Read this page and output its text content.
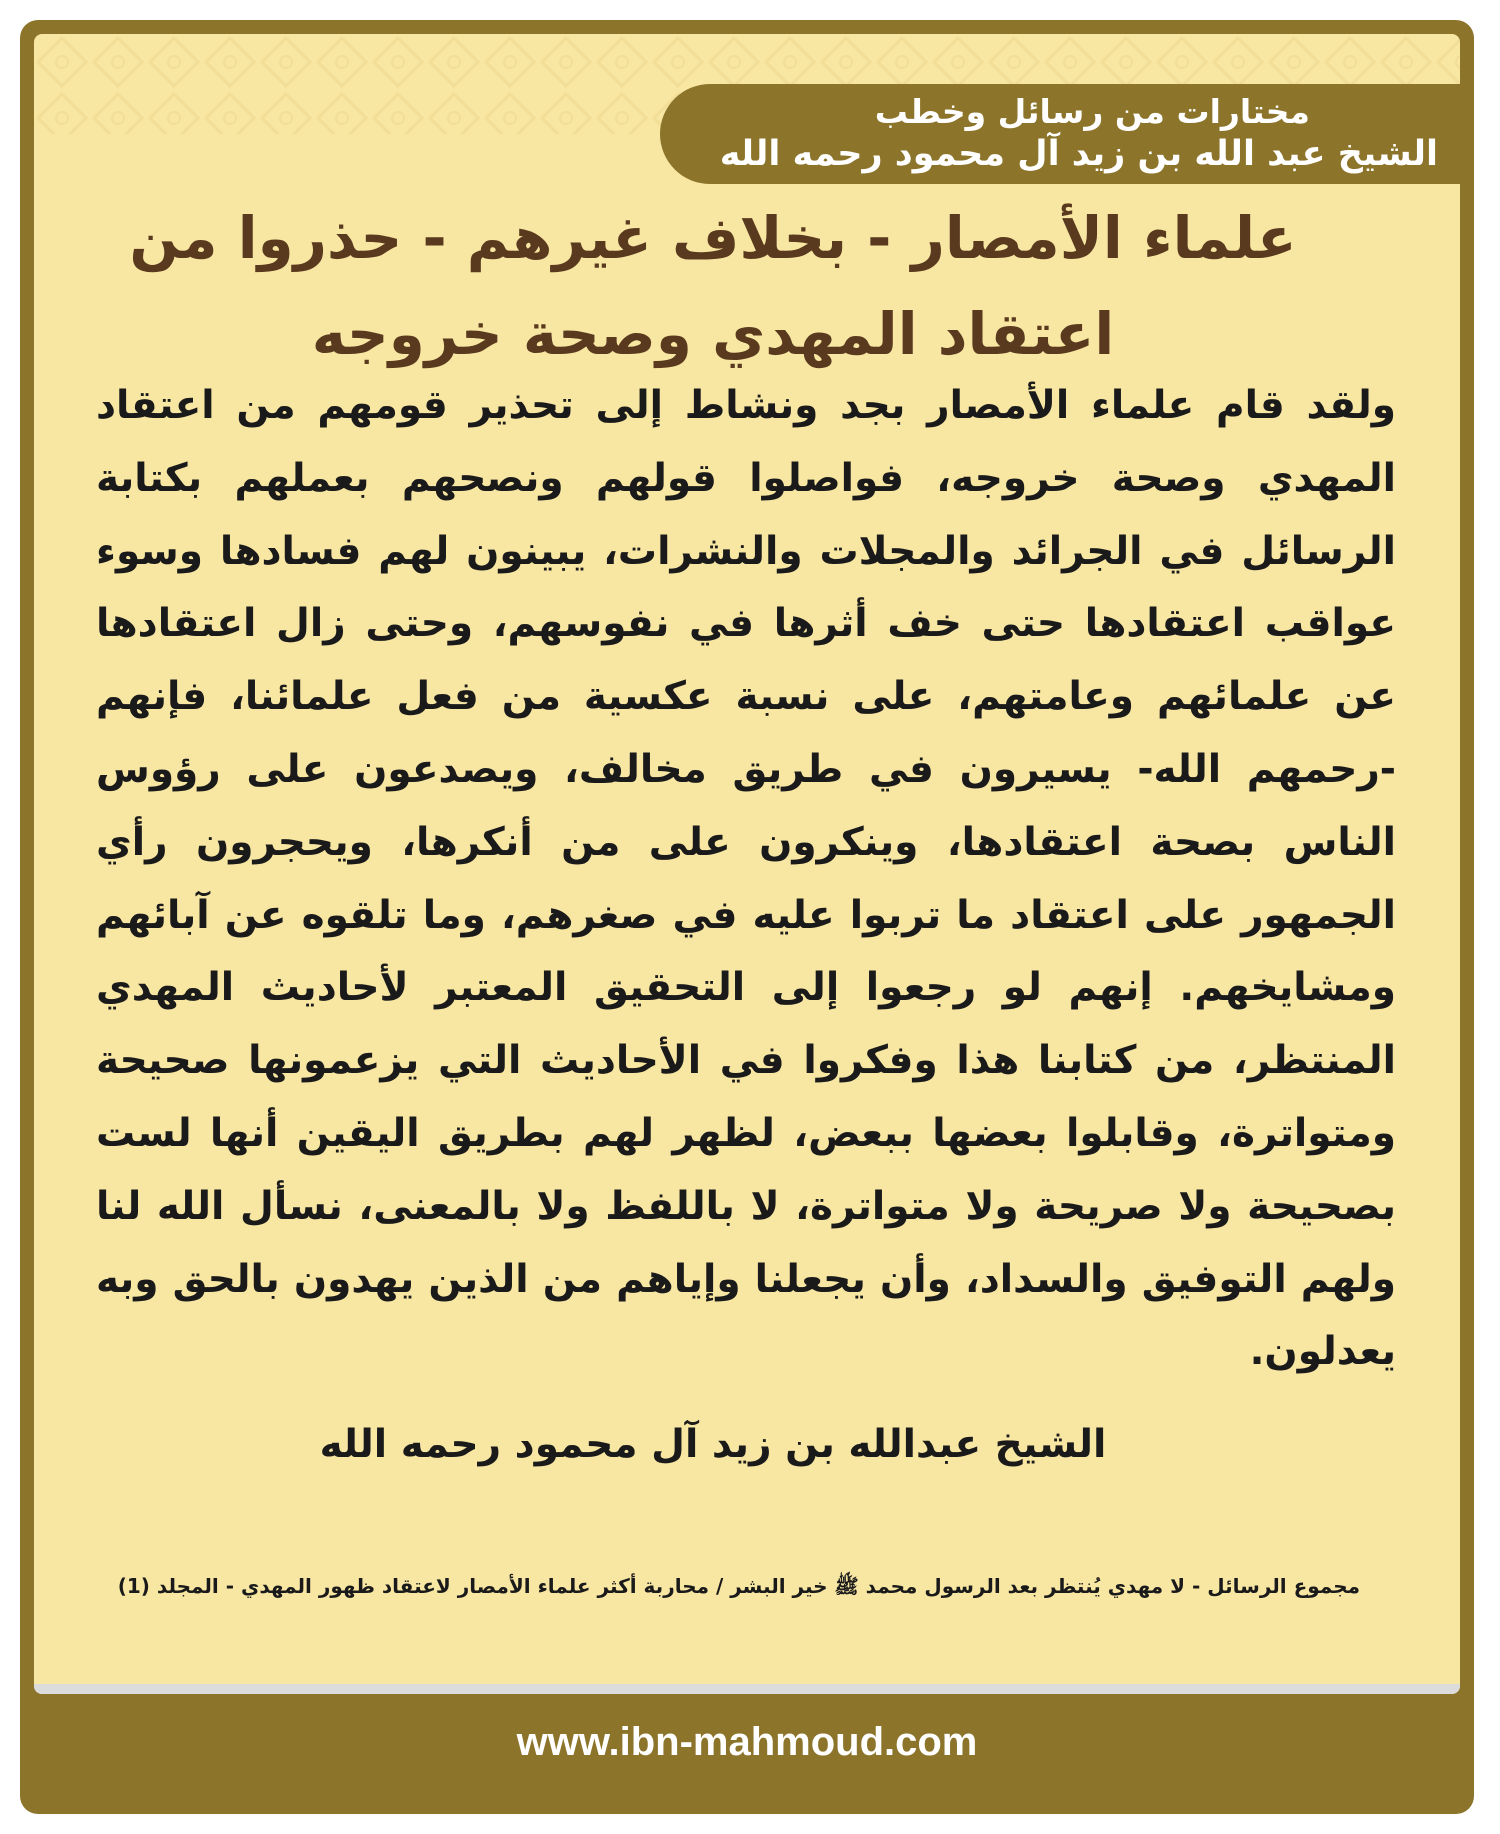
مختارات من رسائل وخطب
الشيخ عبد الله بن زيد آل محمود رحمه الله
علماء الأمصار - بخلاف غيرهم - حذروا من اعتقاد المهدي وصحة خروجه
ولقد قام علماء الأمصار بجد ونشاط إلى تحذير قومهم من اعتقاد المهدي وصحة خروجه، فواصلوا قولهم ونصحهم بعملهم بكتابة الرسائل في الجرائد والمجلات والنشرات، يبينون لهم فسادها وسوء عواقب اعتقادها حتى خف أثرها في نفوسهم، وحتى زال اعتقادها عن علمائهم وعامتهم، على نسبة عكسية من فعل علمائنا، فإنهم -رحمهم الله- يسيرون في طريق مخالف، ويصدعون على رؤوس الناس بصحة اعتقادها، وينكرون على من أنكرها، ويحجرون رأي الجمهور على اعتقاد ما تربوا عليه في صغرهم، وما تلقوه عن آبائهم ومشايخهم. إنهم لو رجعوا إلى التحقيق المعتبر لأحاديث المهدي المنتظر، من كتابنا هذا وفكروا في الأحاديث التي يزعمونها صحيحة ومتواترة، وقابلوا بعضها ببعض، لظهر لهم بطريق اليقين أنها لست بصحيحة ولا صريحة ولا متواترة، لا باللفظ ولا بالمعنى، نسأل الله لنا ولهم التوفيق والسداد، وأن يجعلنا وإياهم من الذين يهدون بالحق وبه يعدلون.
الشيخ عبدالله بن زيد آل محمود رحمه الله
مجموع الرسائل - لا مهدي يُنتظر بعد الرسول محمد ﷺ خير البشر / محاربة أكثر علماء الأمصار لاعتقاد ظهور المهدي - المجلد (1)
www.ibn-mahmoud.com
